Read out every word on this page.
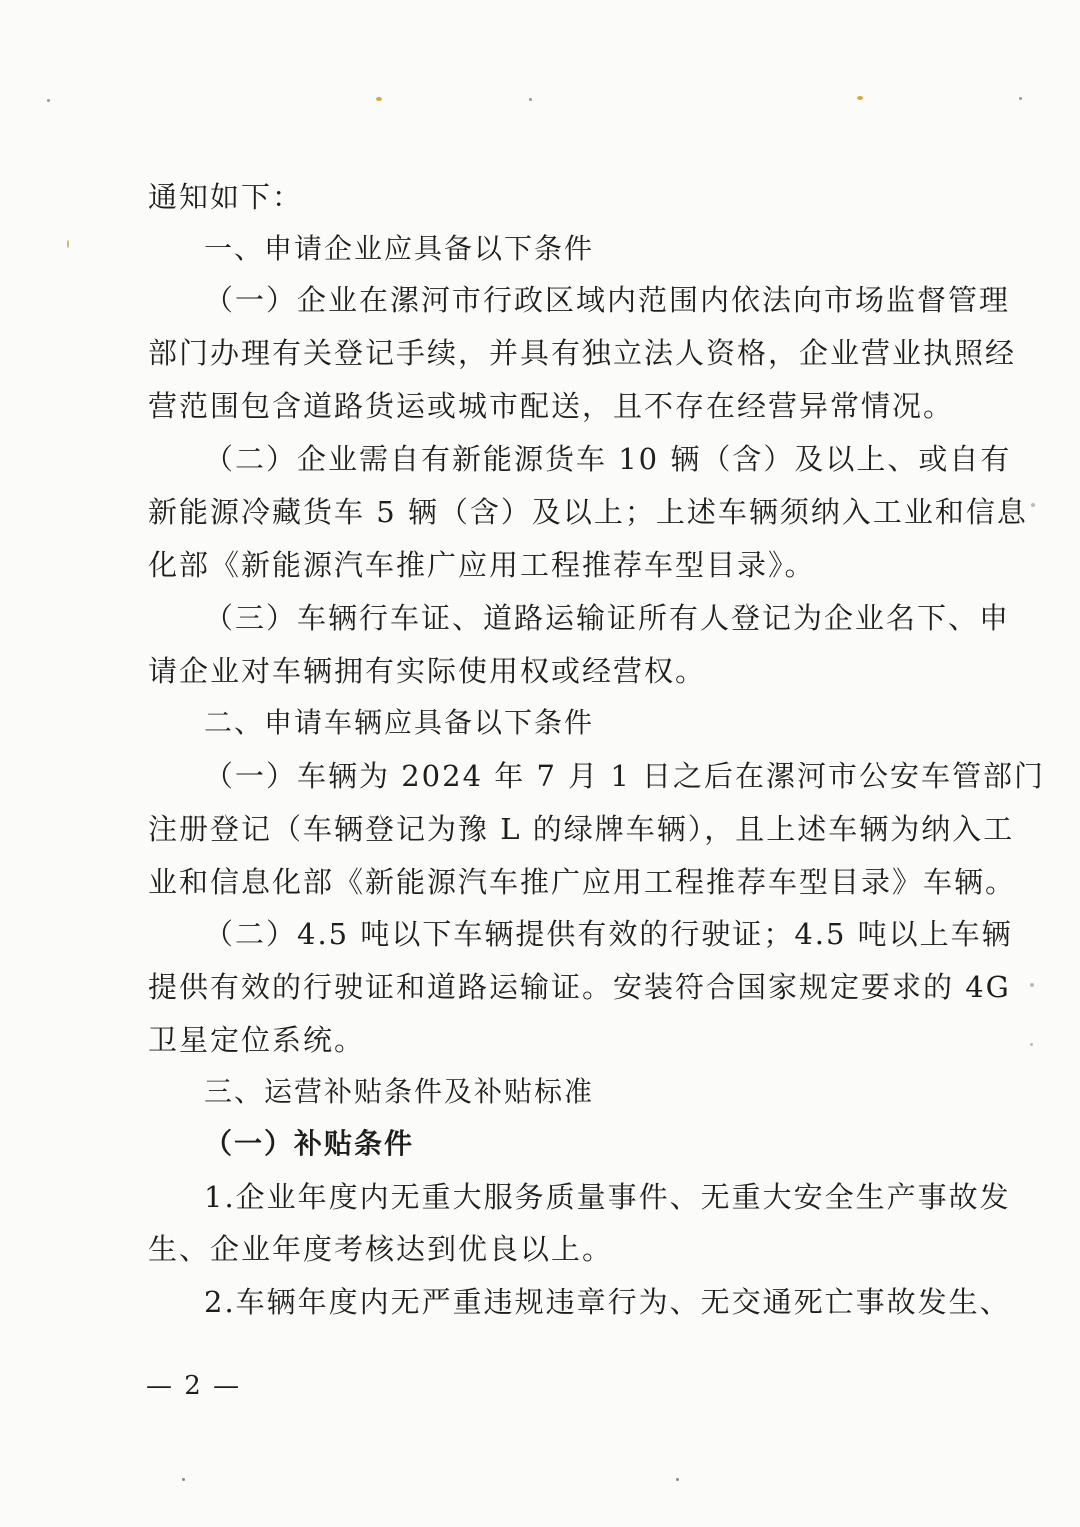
通知如下：
一、申请企业应具备以下条件
（一）企业在漯河市行政区域内范围内依法向市场监督管理
部门办理有关登记手续，并具有独立法人资格，企业营业执照经
营范围包含道路货运或城市配送，且不存在经营异常情况。
（二）企业需自有新能源货车 10 辆（含）及以上、或自有
新能源冷藏货车 5 辆（含）及以上；上述车辆须纳入工业和信息
化部《新能源汽车推广应用工程推荐车型目录》。
（三）车辆行车证、道路运输证所有人登记为企业名下、申
请企业对车辆拥有实际使用权或经营权。
二、申请车辆应具备以下条件
（一）车辆为 2024 年 7 月 1 日之后在漯河市公安车管部门
注册登记（车辆登记为豫 L 的绿牌车辆），且上述车辆为纳入工
业和信息化部《新能源汽车推广应用工程推荐车型目录》车辆。
（二）4.5 吨以下车辆提供有效的行驶证；4.5 吨以上车辆
提供有效的行驶证和道路运输证。安装符合国家规定要求的 4G
卫星定位系统。
三、运营补贴条件及补贴标准
（一）补贴条件
1.企业年度内无重大服务质量事件、无重大安全生产事故发
生、企业年度考核达到优良以上。
2.车辆年度内无严重违规违章行为、无交通死亡事故发生、
— 2 —
